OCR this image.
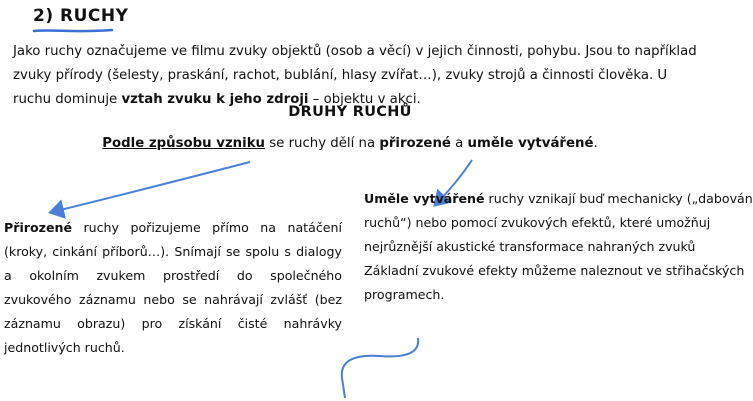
2) RUCHY
Jako ruchy označujeme ve filmu zvuky objektů (osob a věcí) v jejich činnosti, pohybu. Jsou to například zvuky přírody (šelesty, praskání, rachot, bublání, hlasy zvířat…), zvuky strojů a činnosti člověka. U ruchu dominuje vztah zvuku k jeho zdroji – objektu v akci.
DRUHY RUCHŮ
Podle způsobu vzniku se ruchy dělí na přirozené a uměle vytvářené.

Přirozené ruchy pořizujeme přímo na natáčení (kroky, cinkání příborů…). Snímají se spolu s dialogy a okolním zvukem prostředí do společného zvukového záznamu nebo se nahrávají zvlášť (bez záznamu obrazu) pro získání čisté nahrávky jednotlivých ruchů.

Uměle vytvářené ruchy vznikají buď mechanicky („dabován

ruchů“) nebo pomocí zvukových efektů, které umožňuj

nejrůznější akustické transformace nahraných zvuků

Základní zvukové efekty můžeme naleznout ve střihačských

programech.
